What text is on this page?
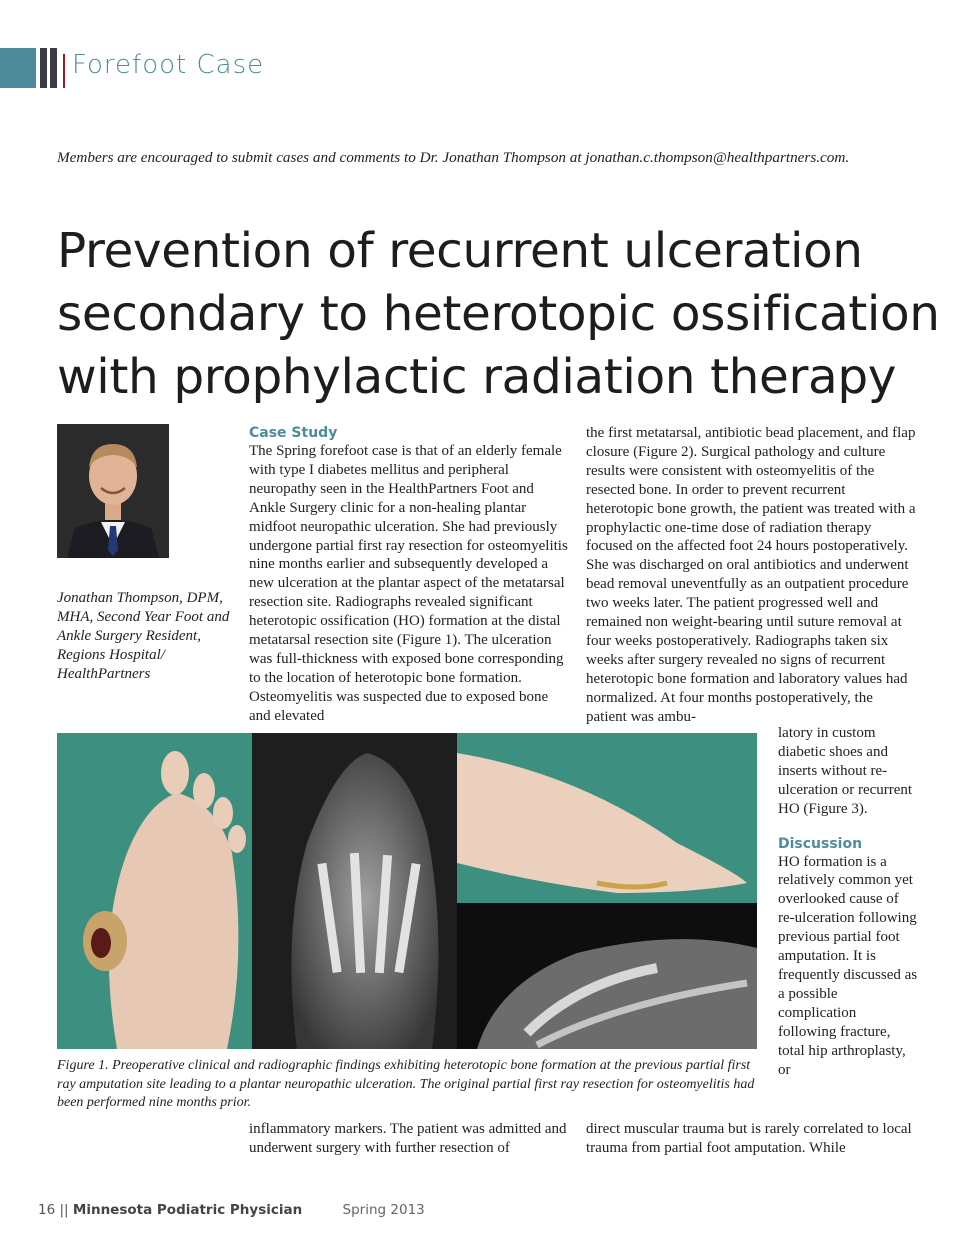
Forefoot Case
Members are encouraged to submit cases and comments to Dr. Jonathan Thompson at jonathan.c.thompson@healthpartners.com.
Prevention of recurrent ulceration
secondary to heterotopic ossification
with prophylactic radiation therapy
Jonathan Thompson, DPM, MHA, Second Year Foot and Ankle Surgery Resident, Regions Hospital/ HealthPartners
Case Study

The Spring forefoot case is that of an elderly female with type I diabetes mellitus and peripheral neuropathy seen in the HealthPartners Foot and Ankle Surgery clinic for a non-healing plantar midfoot neuropathic ulceration. She had previously undergone partial first ray resection for osteomyelitis nine months earlier and subsequently developed a new ulceration at the plantar aspect of the metatarsal resection site. Radiographs revealed significant heterotopic ossification (HO) formation at the distal metatarsal resection site (Figure 1). The ulceration was full-thickness with exposed bone corresponding to the location of heterotopic bone formation. Osteomyelitis was suspected due to exposed bone and elevated

the first metatarsal, antibiotic bead placement, and flap closure (Figure 2). Surgical pathology and culture results were consistent with osteomyelitis of the resected bone. In order to prevent recurrent heterotopic bone growth, the patient was treated with a prophylactic one-time dose of radiation therapy focused on the affected foot 24 hours postoperatively. She was discharged on oral antibiotics and underwent bead removal uneventfully as an outpatient procedure two weeks later. The patient progressed well and remained non weight-bearing until suture removal at four weeks postoperatively. Radiographs taken six weeks after surgery revealed no signs of recurrent heterotopic bone formation and laboratory values had normalized. At four months postoperatively, the patient was ambu-

latory in custom diabetic shoes and inserts without re-ulceration or recurrent HO (Figure 3).

Discussion

HO formation is a relatively common yet overlooked cause of re-ulceration following previous partial foot amputation. It is frequently discussed as a possible complication following fracture, total hip arthroplasty, or

Figure 1. Preoperative clinical and radiographic findings exhibiting heterotopic bone formation at the previous partial first ray amputation site leading to a plantar neuropathic ulceration. The original partial first ray resection for osteomyelitis had been performed nine months prior.
inflammatory markers. The patient was admitted and underwent surgery with further resection of
direct muscular trauma but is rarely correlated to local trauma from partial foot amputation. While
16 || Minnesota Podiatric Physician	Spring 2013
